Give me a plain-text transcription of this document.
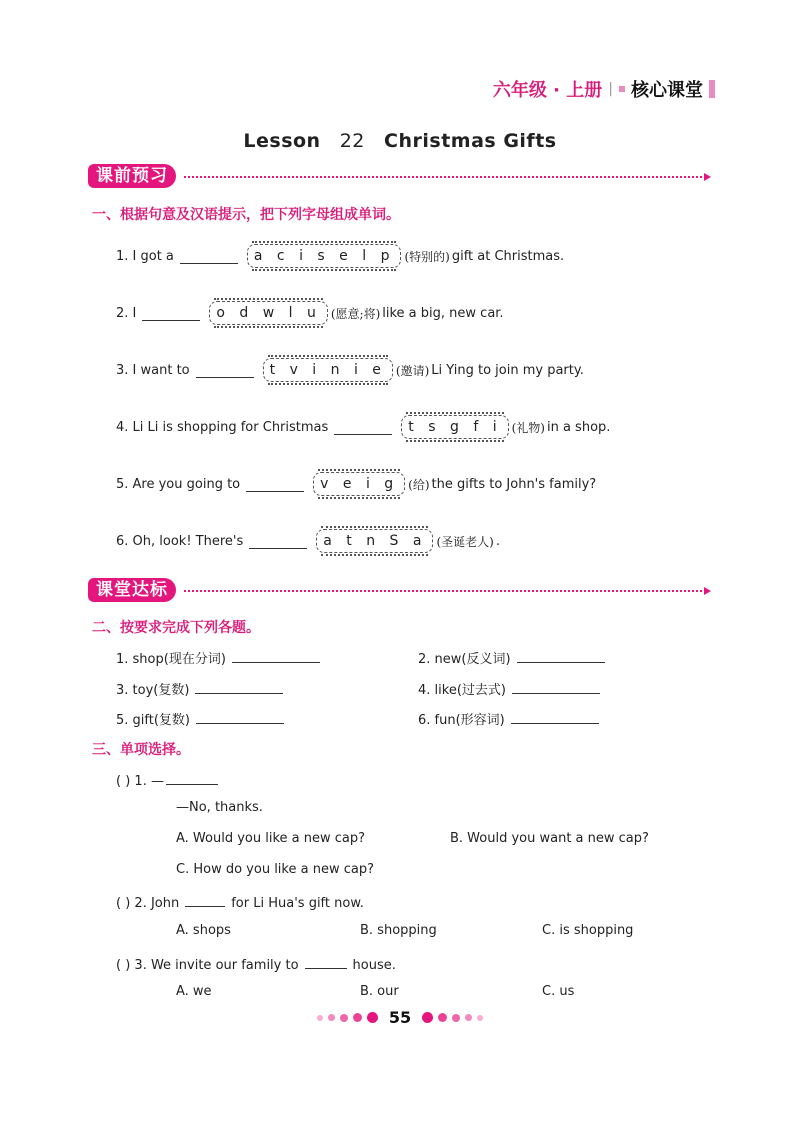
六年级 · 上册 | 核心课堂
Lesson 22 Christmas Gifts
课前预习
一、根据句意及汉语提示，把下列字母组成单词。
1. I got a	a c i s e l p (特别的) gift at Christmas.
2. I	o d w l u (愿意;将) like a big, new car.
3. I want to	t v i n i e (邀请) Li Ying to join my party.
4. Li Li is shopping for Christmas	t s g f i (礼物) in a shop.
5. Are you going to	v e i g (给) the gifts to John's family?
6. Oh, look! There's	a t n S a (圣诞老人) .
课堂达标
二、按要求完成下列各题。
1. shop(现在分词)	2. new(反义词)
3. toy(复数)	4. like(过去式)
5. gift(复数)	6. fun(形容词)
三、单项选择。
( ) 1. —
—No, thanks.
A. Would you like a new cap?	B. Would you want a new cap?
C. How do you like a new cap?
( ) 2. John	for Li Hua's gift now.
A. shops	B. shopping	C. is shopping
( ) 3. We invite our family to	house.
A. we	B. our	C. us
55
